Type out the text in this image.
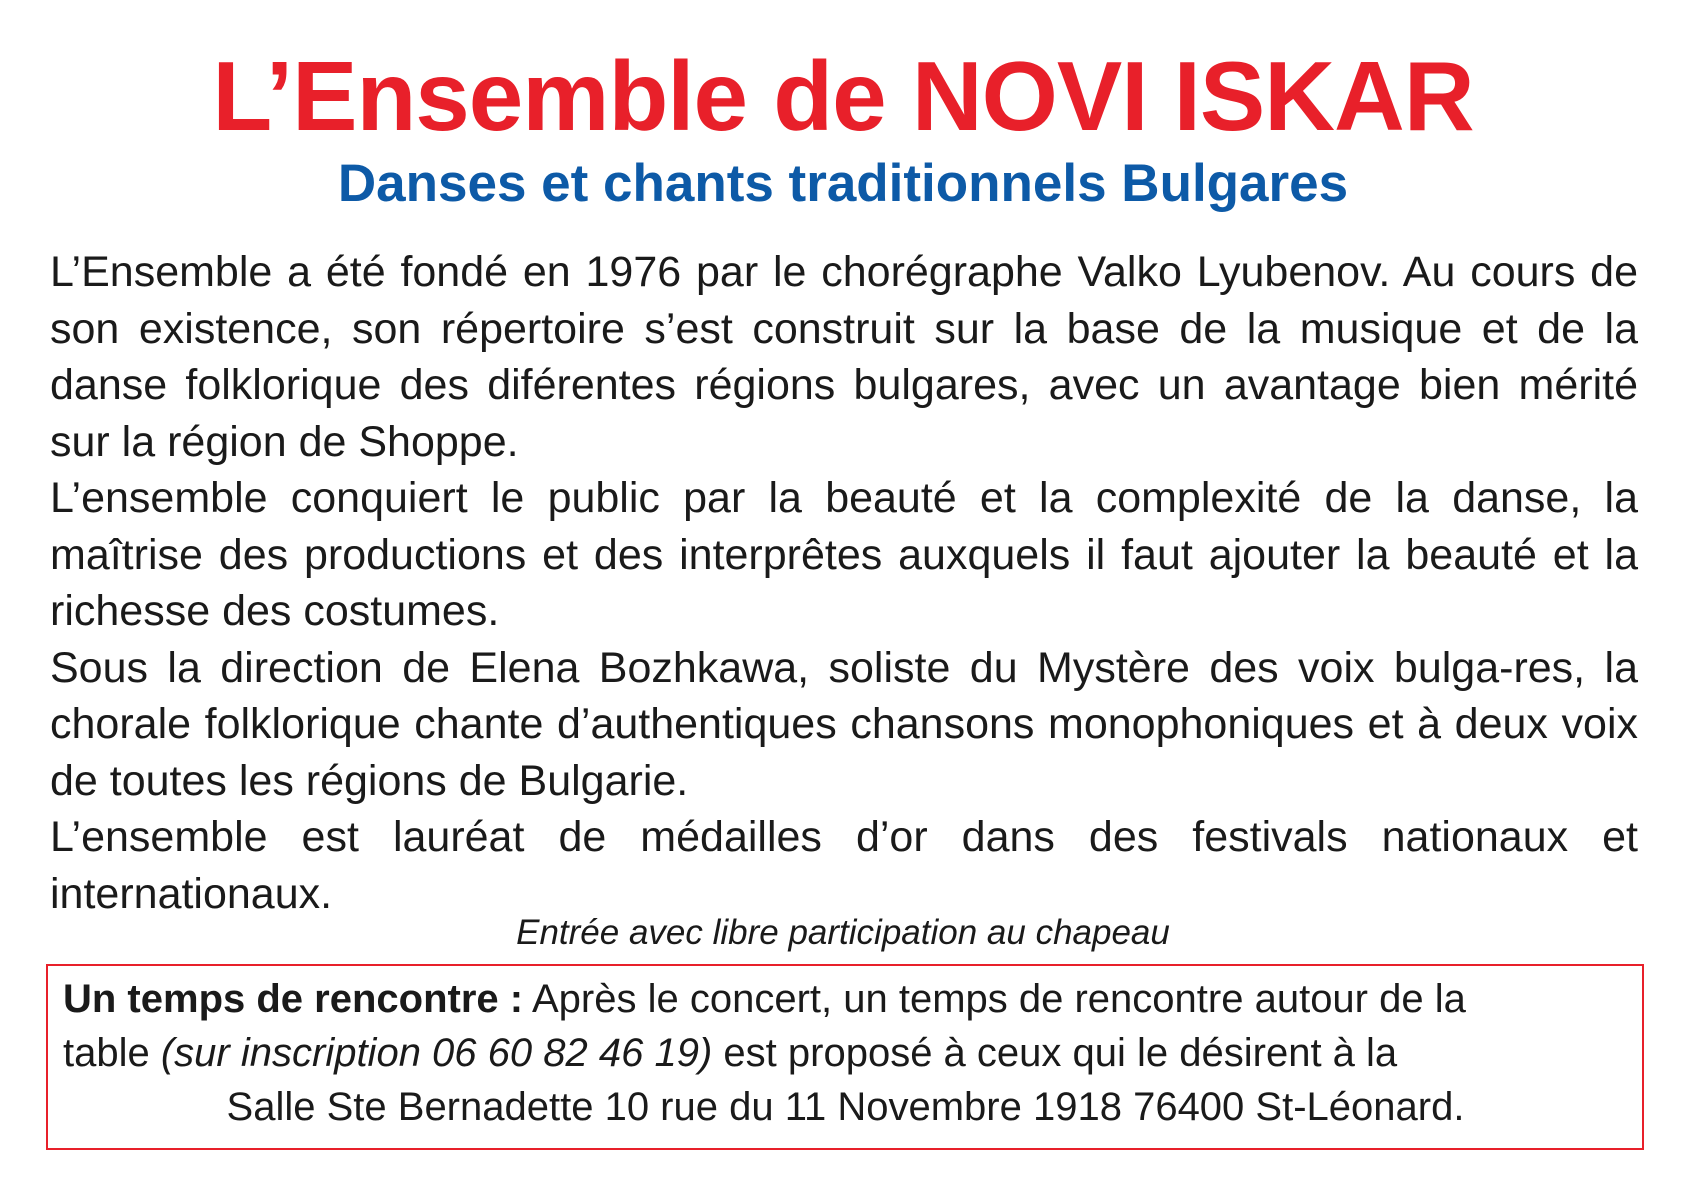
L’Ensemble de NOVI ISKAR
Danses et chants traditionnels Bulgares

L’Ensemble a été fondé en 1976 par le chorégraphe Valko Lyubenov. Au cours de son existence, son répertoire s’est construit sur la base de la musique et de la danse folklorique des diférentes régions bulgares, avec un avantage bien mérité sur la région de Shoppe.

L’ensemble conquiert le public par la beauté et la complexité de la danse, la maîtrise des productions et des interprêtes auxquels il faut ajouter la beauté et la richesse des costumes.

Sous la direction de Elena Bozhkawa, soliste du Mystère des voix bulga-res, la chorale folklorique chante d’authentiques chansons monophoniques et à deux voix de toutes les régions de Bulgarie.

L’ensemble est lauréat de médailles d’or dans des festivals nationaux et internationaux.

Entrée avec libre participation au chapeau

Un temps de rencontre : Après le concert, un temps de rencontre autour de la

table (sur inscription 06 60 82 46 19) est proposé à ceux qui le désirent à la

Salle Ste Bernadette 10 rue du 11 Novembre 1918 76400 St-Léonard.
